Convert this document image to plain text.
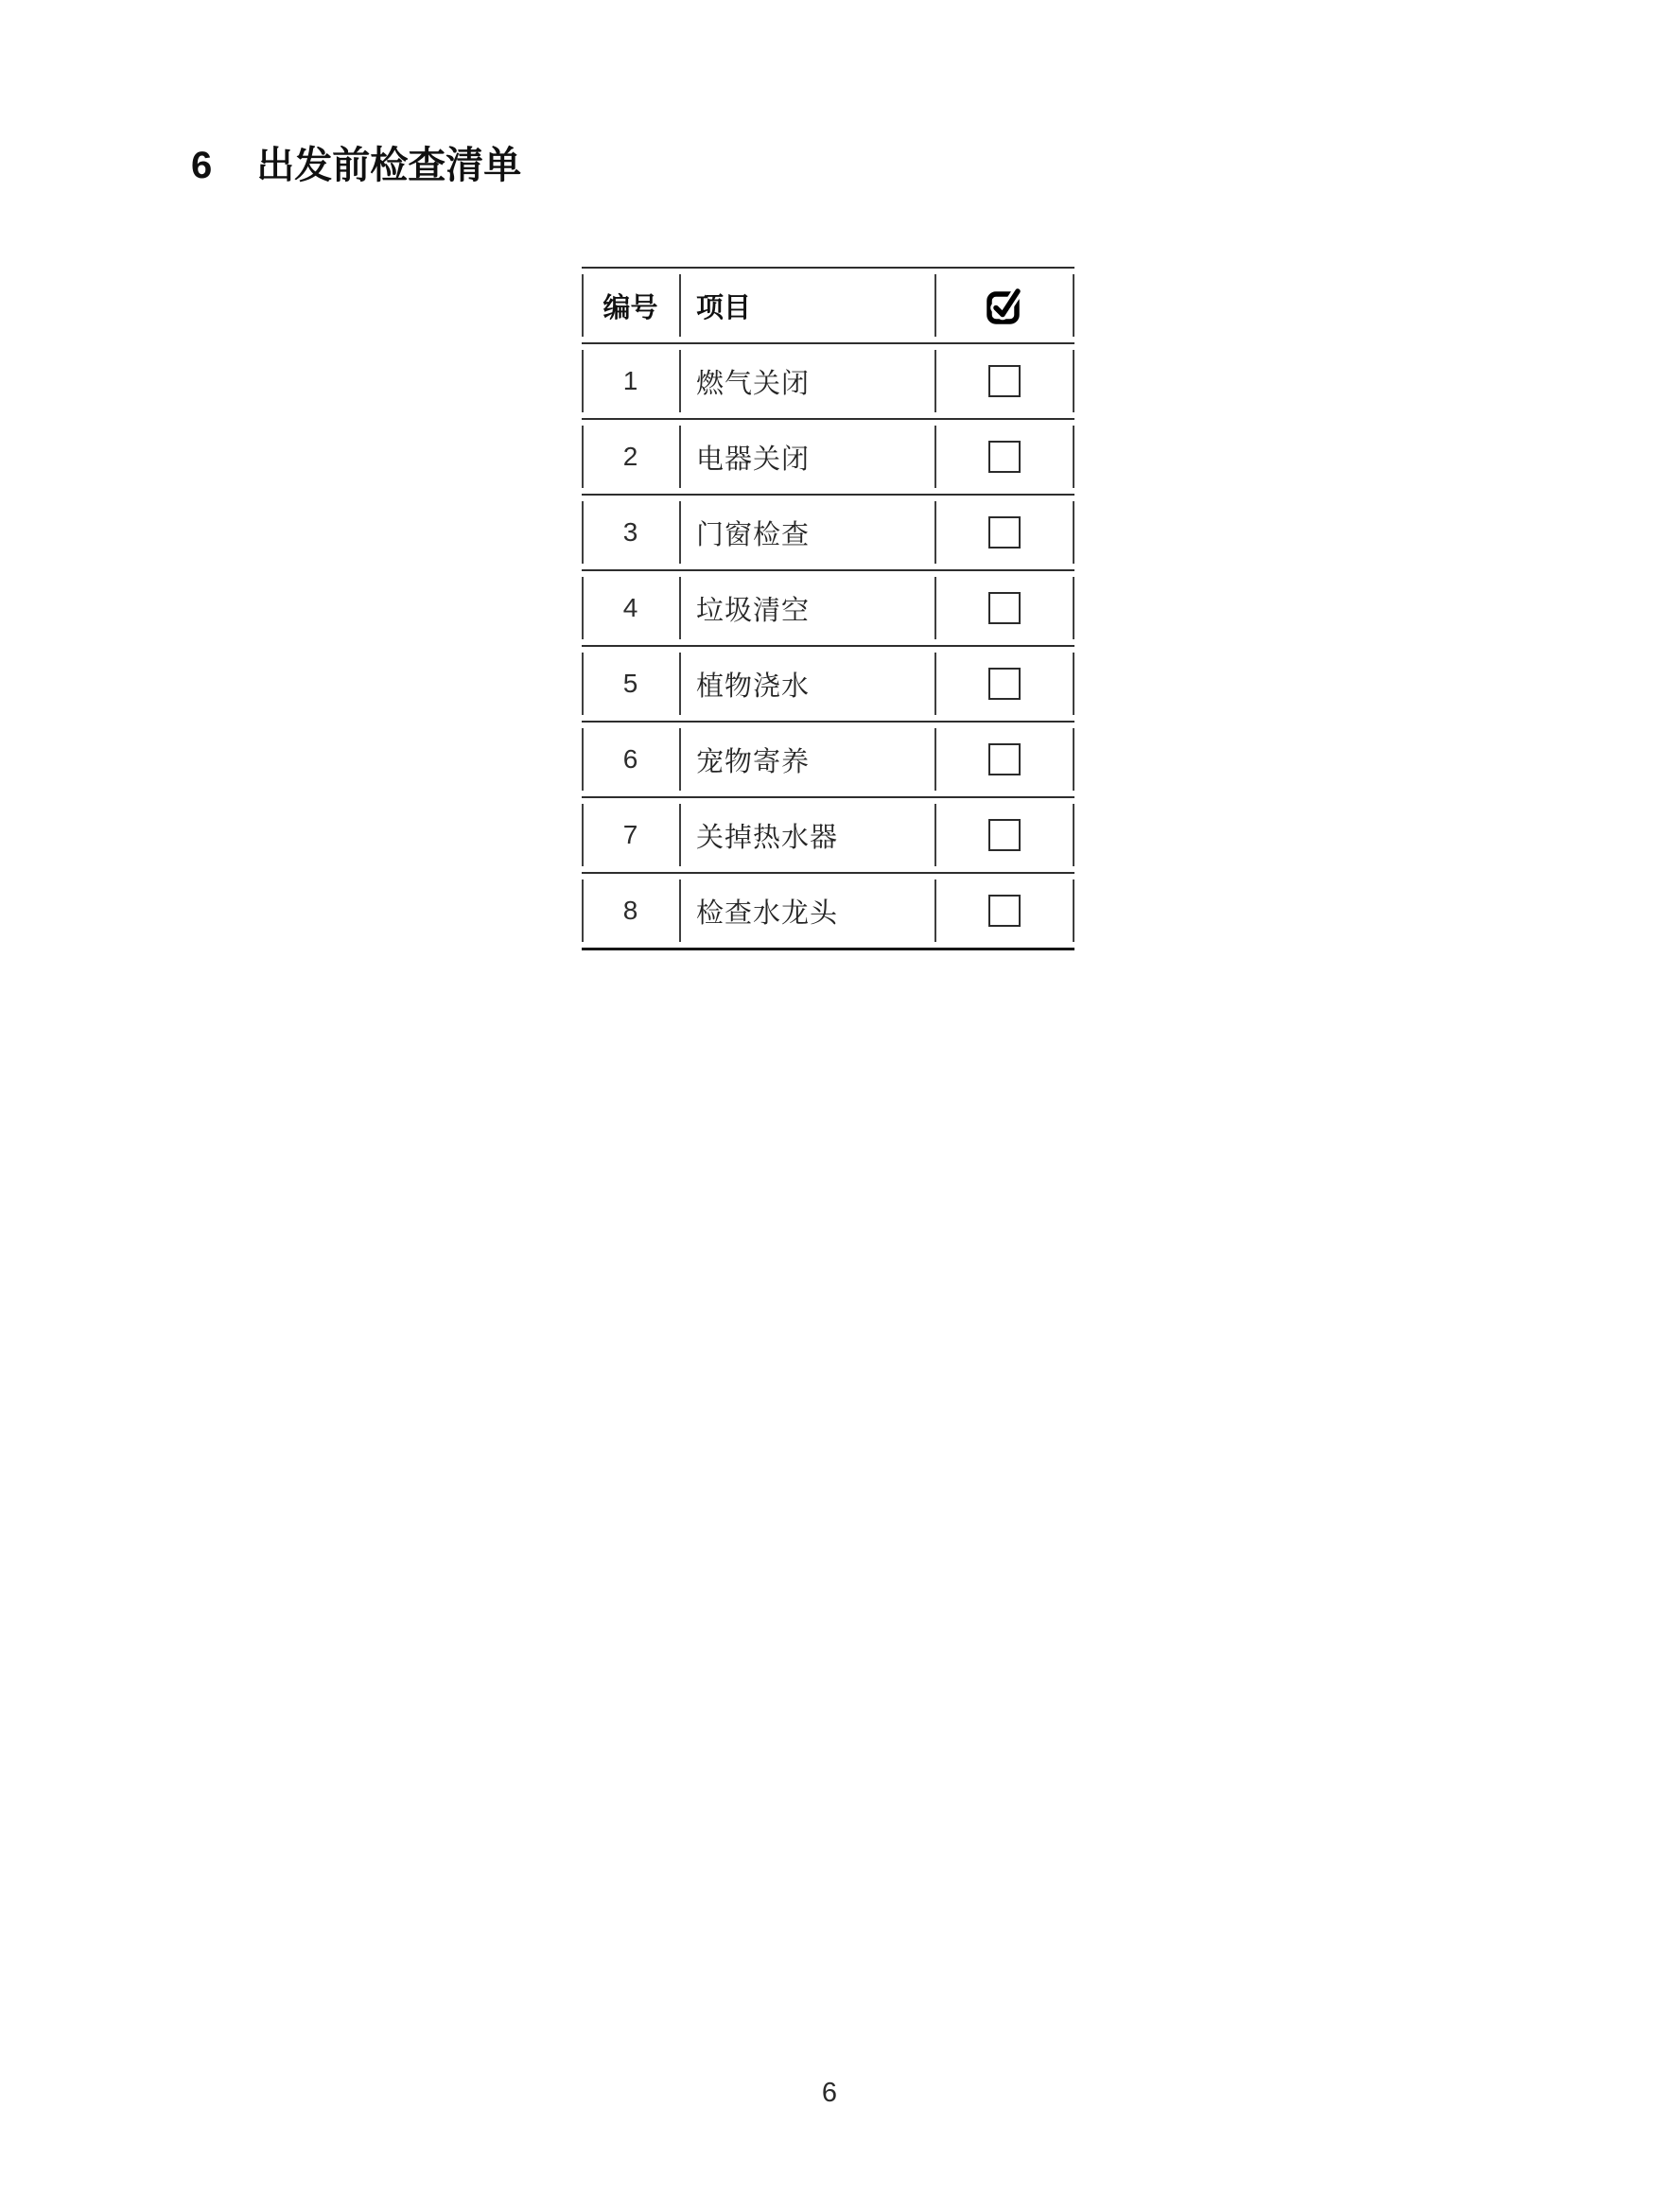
6 出发前检查清单
编号 项目
1 燃气关闭
2 电器关闭
3 门窗检查
4 垃圾清空
5 植物浇水
6 宠物寄养
7 关掉热水器
8 检查水龙头
6
